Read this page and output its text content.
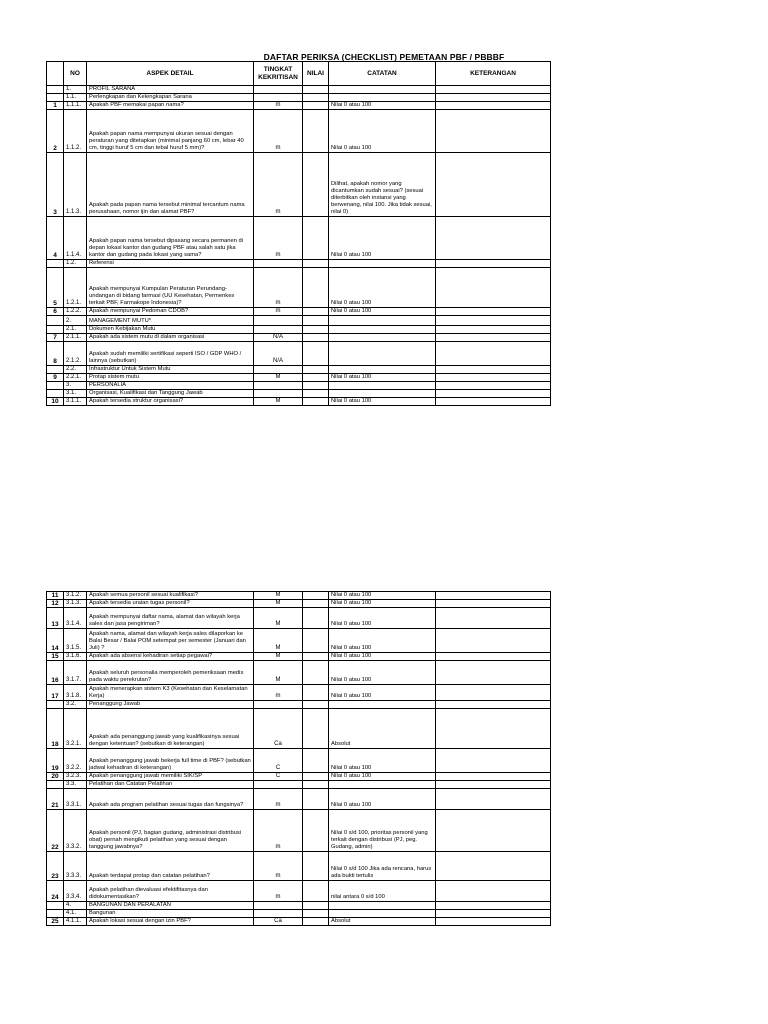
DAFTAR PERIKSA (CHECKLIST) PEMETAAN PBF / PBBBF
	NO	ASPEK DETAIL	TINGKAT KEKRITISAN	NILAI	CATATAN	KETERANGAN
	1.	PROFIL SARANA				
	1.1.	Perlengkapan dan Kelengkapan Sarana				
1	1.1.1.	Apakah PBF memakai papan nama?	m		Nilai 0 atau 100	
2	1.1.2.	Apakah papan nama mempunyai ukuran sesuai dengan peraturan yang ditetapkan (minimal panjang 60 cm, lebar 40 cm, tinggi huruf 5 cm dan tebal huruf 5 mm)?	m		Nilai 0 atau 100	
3	1.1.3.	Apakah pada papan nama tersebut minimal tercantum nama perusahaan, nomor ijin dan alamat PBF?	m		Dilihat, apakah nomor yang dicantumkan sudah sesuai? (sesuai diterbitkan oleh instansi yang berwenang, nilai 100. Jika tidak sesuai, nilai 0)	
4	1.1.4.	Apakah papan nama tersebut dipasang secara permanen di depan lokasi kantor dan gudang PBF atau salah satu jika kantor dan gudang pada lokasi yang sama?	m		Nilai 0 atau 100	
	1.2.	Referensi				
5	1.2.1.	Apakah mempunyai Kumpulan Peraturan Perundang-undangan di bidang farmasi (UU Kesehatan, Permenkes terkait PBF, Farmakope Indonesia)?	m		Nilai 0 atau 100	
6	1.2.2.	Apakah mempunyai Pedoman CDOB?	m		Nilai 0 atau 100	
	2.	MANAGEMENT MUTU*				
	2.1.	Dokumen Kebijakan Mutu				
7	2.1.1.	Apakah ada sistem mutu di dalam organisasi	N/A			
8	2.1.2.	Apakah sudah memiliki sertifikasi seperti ISO / GDP WHO / lainnya (sebutkan)	N/A			
	2.2.	Infrastruktur Untuk Sistem Mutu				
9	2.2.1.	Protap sistem mutu	M		Nilai 0 atau 100	
	3.	PERSONALIA				
	3.1.	Organisasi, Kualifikasi dan Tanggung Jawab				
10	3.1.1.	Apakah tersedia struktur organisasi?	M		Nilai 0 atau 100	
11	3.1.2.	Apakah semua personil sesuai kualifikasi?	M		Nilai 0 atau 100	
12	3.1.3.	Apakah tersedia uraian tugas personil?	M		Nilai 0 atau 100	
13	3.1.4.	Apakah mempunyai daftar nama, alamat dan wilayah kerja sales dan jasa pengiriman?	M		Nilai 0 atau 100	
14	3.1.5.	Apakah nama, alamat dan wilayah kerja sales dilaporkan ke Balai Besar / Balai POM setempat per semester (Januari dan Juli) ?	M		Nilai 0 atau 100	
15	3.1.6.	Apakah ada absensi kehadiran setiap pegawai?	M		Nilai 0 atau 100	
16	3.1.7.	Apakah seluruh personalia memperoleh pemeriksaan medis pada waktu perekrutan?	M		Nilai 0 atau 100	
17	3.1.8.	Apakah menerapkan sistem K3 (Kesehatan dan Keselamatan Kerja)	m		Nilai 0 atau 100	
	3.2.	Penanggung Jawab				
18	3.2.1.	Apakah ada penanggung jawab yang kualifikasinya sesuai dengan ketentuan? (sebutkan di keterangan)	Ca		Absolut	
19	3.2.2.	Apakah penanggung jawab bekerja full time di PBF? (sebutkan jadwal kehadiran di keterangan)	C		Nilai 0 atau 100	
20	3.2.3.	Apakah penanggung jawab memiliki SIK/SP	C		Nilai 0 atau 100	
	3.3.	Pelatihan dan Catatan Pelatihan				
21	3.3.1.	Apakah ada program pelatihan sesuai tugas dan fungsinya?	m		Nilai 0 atau 100	
22	3.3.2.	Apakah personil (PJ, bagian gudang, administrasi distribusi obat) pernah mengikuti pelatihan yang sesuai dengan tanggung jawabnya?	m		Nilai 0 s/d 100, prioritas personil yang terkait dengan distribusi (PJ, peg. Gudang, admin)	
23	3.3.3.	Apakah terdapat protap dan catatan pelatihan?	m		Nilai 0 s/d 100 Jika ada rencana, harus ada bukti tertulis	
24	3.3.4.	Apakah pelatihan dievaluasi efektifitasnya dan didokumentasikan?	m		nilai antara 0 s/d 100	
	4.	BANGUNAN DAN PERALATAN				
	4.1.	Bangunan				
25	4.1.1.	Apakah lokasi sesuai dengan izin PBF?	Ca		Absolut	
